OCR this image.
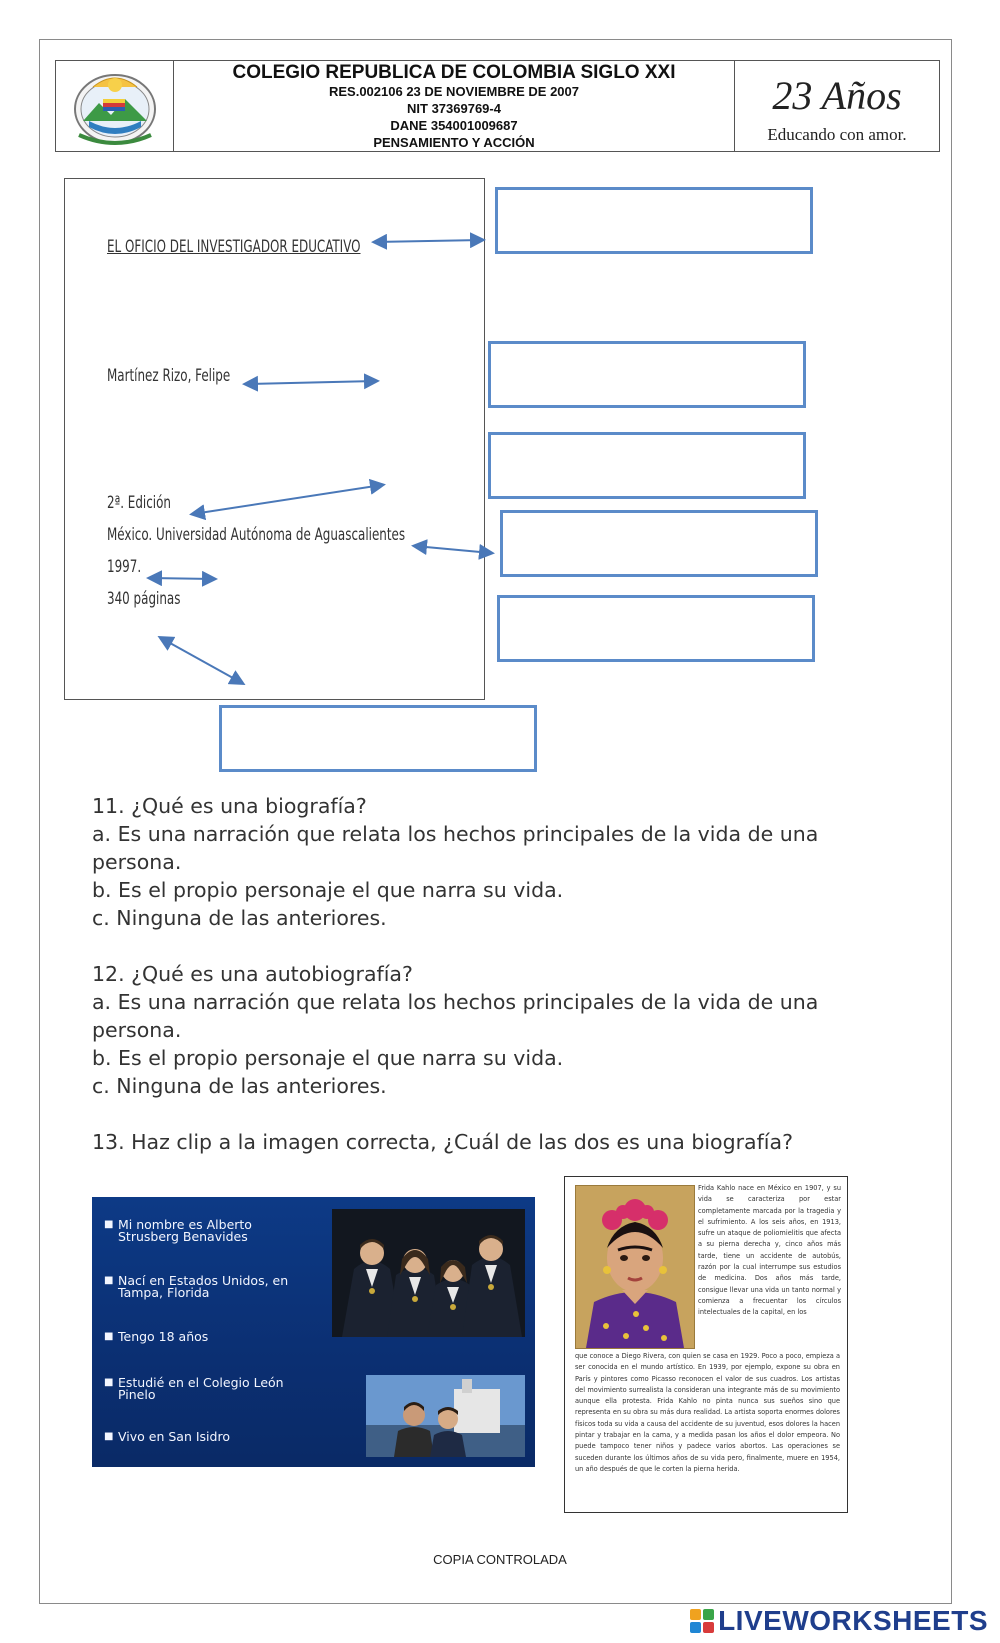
COLEGIO REPUBLICA DE COLOMBIA SIGLO XXI
RES.002106 23 DE NOVIEMBRE DE 2007
NIT 37369769-4
DANE 354001009687
PENSAMIENTO Y ACCIÓN
23 Años
Educando con amor.
EL OFICIO DEL INVESTIGADOR EDUCATIVO
Martínez Rizo, Felipe
2ª. Edición
México. Universidad Autónoma de Aguascalientes
1997.
340 páginas
11. ¿Qué es una biografía?
a. Es una narración que relata los hechos principales de la vida de una
persona.
b. Es el propio personaje el que narra su vida.
c. Ninguna de las anteriores.
12. ¿Qué es una autobiografía?
a. Es una narración que relata los hechos principales de la vida de una
persona.
b. Es el propio personaje el que narra su vida.
c. Ninguna de las anteriores.
13. Haz clip a la imagen correcta, ¿Cuál de las dos es una biografía?
■ Mi nombre es Alberto Strusberg Benavides
■ Nací en Estados Unidos, en Tampa, Florida
■ Tengo 18 años
■ Estudié en el Colegio León Pinelo
■ Vivo en San Isidro
Frida Kahlo nace en México en 1907, y su vida se caracteriza por estar completamente marcada por la tragedia y el sufrimiento. A los seis años, en 1913, sufre un ataque de poliomielitis que afecta a su pierna derecha y, cinco años más tarde, tiene un accidente de autobús, razón por la cual interrumpe sus estudios de medicina. Dos años más tarde, consigue llevar una vida un tanto normal y comienza a frecuentar los círculos intelectuales de la capital, en los
que conoce a Diego Rivera, con quien se casa en 1929. Poco a poco, empieza a ser conocida en el mundo artístico. En 1939, por ejemplo, expone su obra en París y pintores como Picasso reconocen el valor de sus cuadros. Los artistas del movimiento surrealista la consideran una integrante más de su movimiento aunque ella protesta. Frida Kahlo no pinta nunca sus sueños sino que representa en su obra su más dura realidad. La artista soporta enormes dolores físicos toda su vida a causa del accidente de su juventud, esos dolores la hacen pintar y trabajar en la cama, y a medida pasan los años el dolor empeora. No puede tampoco tener niños y padece varios abortos. Las operaciones se suceden durante los últimos años de su vida pero, finalmente, muere en 1954, un año después de que le corten la pierna herida.
COPIA CONTROLADA
LIVEWORKSHEETS
